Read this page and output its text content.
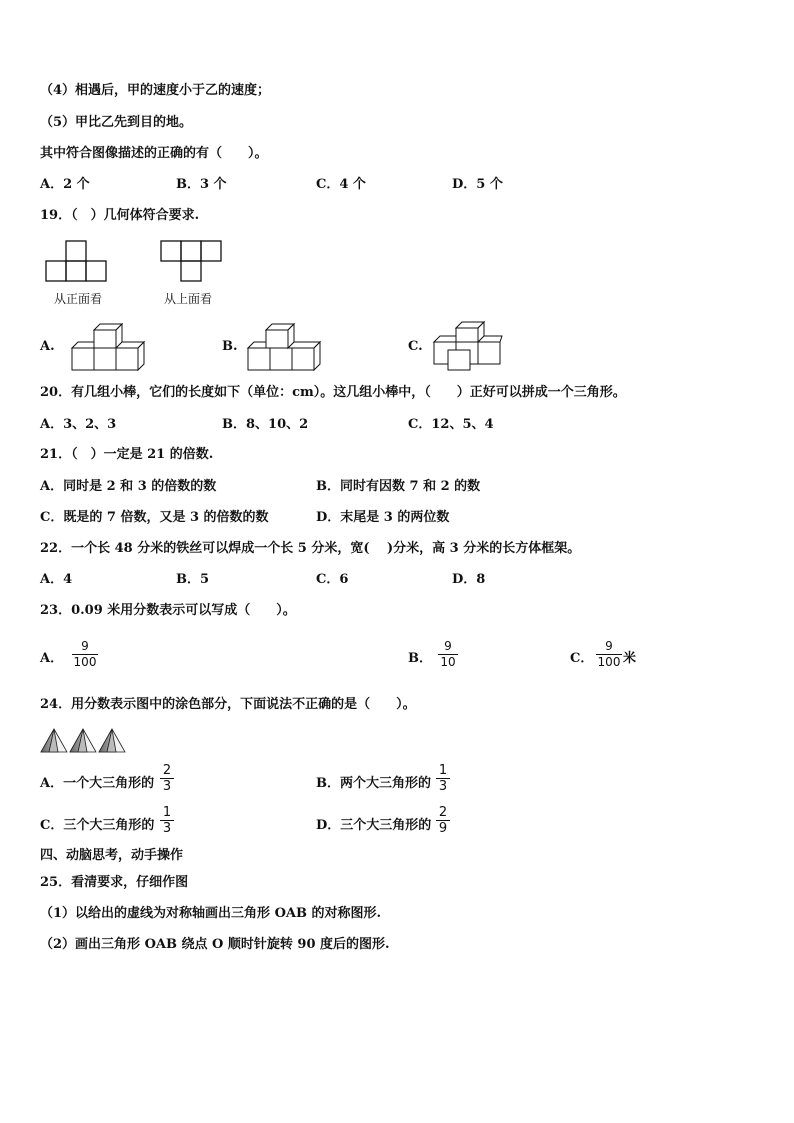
（4）相遇后，甲的速度小于乙的速度；
（5）甲比乙先到目的地。
其中符合图像描述的正确的有（　　）。
A．2 个	B．3 个	C．4 个	D．5 个
19．（　）几何体符合要求.
从正面看	从上面看
A.	B.	C.
20．有几组小棒，它们的长度如下（单位：cm）。这几组小棒中，（　　）正好可以拼成一个三角形。
A．3、2、3	B．8、10、2	C．12、5、4
21．（　）一定是 21 的倍数.
A．同时是 2 和 3 的倍数的数	B．同时有因数 7 和 2 的数
C．既是的 7 倍数，又是 3 的倍数的数	D．末尾是 3 的两位数
22．一个长 48 分米的铁丝可以焊成一个长 5 分米，宽(　 )分米，高 3 分米的长方体框架。
A．4	B．5	C．6	D．8
23．0.09 米用分数表示可以写成（　　）。
A．
9
100	B．
9
10	C．
9
100 米
24．用分数表示图中的涂色部分，下面说法不正确的是（　　）。
A．一个大三角形的
2
3	B．两个大三角形的
1
3
C．三个大三角形的
1
3	D．三个大三角形的
2
9
四、动脑思考，动手操作
25．看清要求，仔细作图
（1）以给出的虚线为对称轴画出三角形 OAB 的对称图形.
（2）画出三角形 OAB 绕点 O 顺时针旋转 90 度后的图形.
